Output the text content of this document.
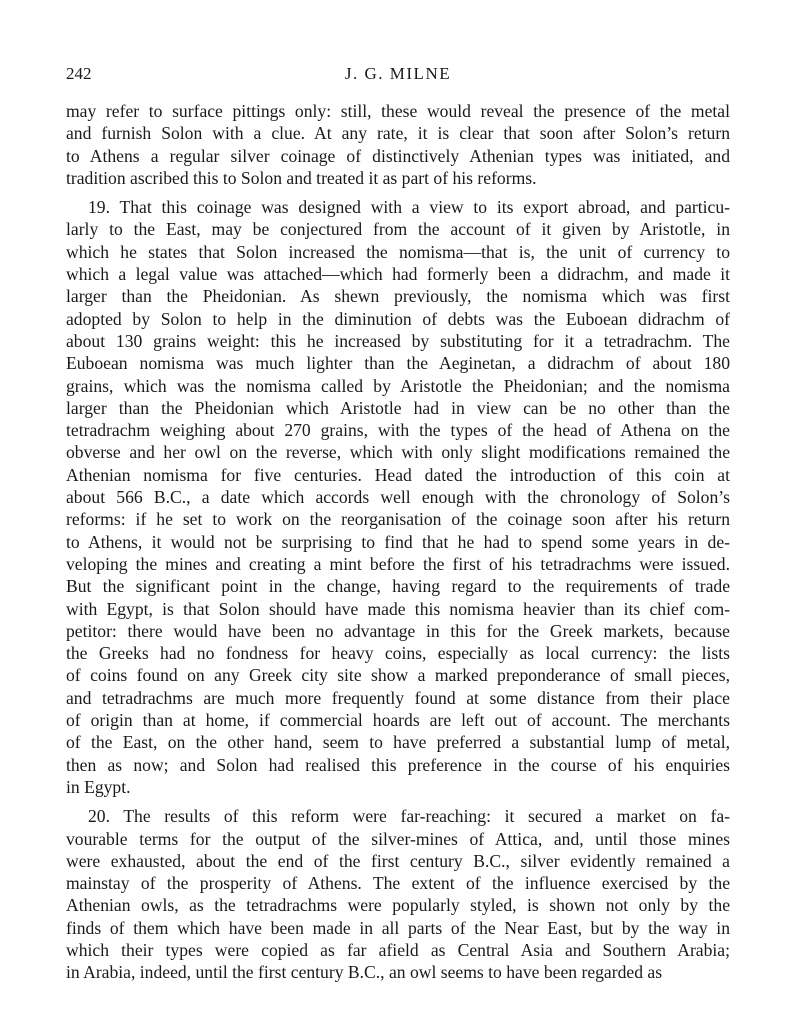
242	J. G. MILNE
may refer to surface pittings only: still, these would reveal the presence of the metal
and furnish Solon with a clue. At any rate, it is clear that soon after Solon’s return
to Athens a regular silver coinage of distinctively Athenian types was initiated, and
tradition ascribed this to Solon and treated it as part of his reforms.
19. That this coinage was designed with a view to its export abroad, and particu-
larly to the East, may be conjectured from the account of it given by Aristotle, in
which he states that Solon increased the nomisma—that is, the unit of currency to
which a legal value was attached—which had formerly been a didrachm, and made it
larger than the Pheidonian. As shewn previously, the nomisma which was first
adopted by Solon to help in the diminution of debts was the Euboean didrachm of
about 130 grains weight: this he increased by substituting for it a tetradrachm. The
Euboean nomisma was much lighter than the Aeginetan, a didrachm of about 180
grains, which was the nomisma called by Aristotle the Pheidonian; and the nomisma
larger than the Pheidonian which Aristotle had in view can be no other than the
tetradrachm weighing about 270 grains, with the types of the head of Athena on the
obverse and her owl on the reverse, which with only slight modifications remained the
Athenian nomisma for five centuries. Head dated the introduction of this coin at
about 566 B.C., a date which accords well enough with the chronology of Solon’s
reforms: if he set to work on the reorganisation of the coinage soon after his return
to Athens, it would not be surprising to find that he had to spend some years in de-
veloping the mines and creating a mint before the first of his tetradrachms were issued.
But the significant point in the change, having regard to the requirements of trade
with Egypt, is that Solon should have made this nomisma heavier than its chief com-
petitor: there would have been no advantage in this for the Greek markets, because
the Greeks had no fondness for heavy coins, especially as local currency: the lists
of coins found on any Greek city site show a marked preponderance of small pieces,
and tetradrachms are much more frequently found at some distance from their place
of origin than at home, if commercial hoards are left out of account. The merchants
of the East, on the other hand, seem to have preferred a substantial lump of metal,
then as now; and Solon had realised this preference in the course of his enquiries
in Egypt.
20. The results of this reform were far-reaching: it secured a market on fa-
vourable terms for the output of the silver-mines of Attica, and, until those mines
were exhausted, about the end of the first century B.C., silver evidently remained a
mainstay of the prosperity of Athens. The extent of the influence exercised by the
Athenian owls, as the tetradrachms were popularly styled, is shown not only by the
finds of them which have been made in all parts of the Near East, but by the way in
which their types were copied as far afield as Central Asia and Southern Arabia;
in Arabia, indeed, until the first century B.C., an owl seems to have been regarded as
